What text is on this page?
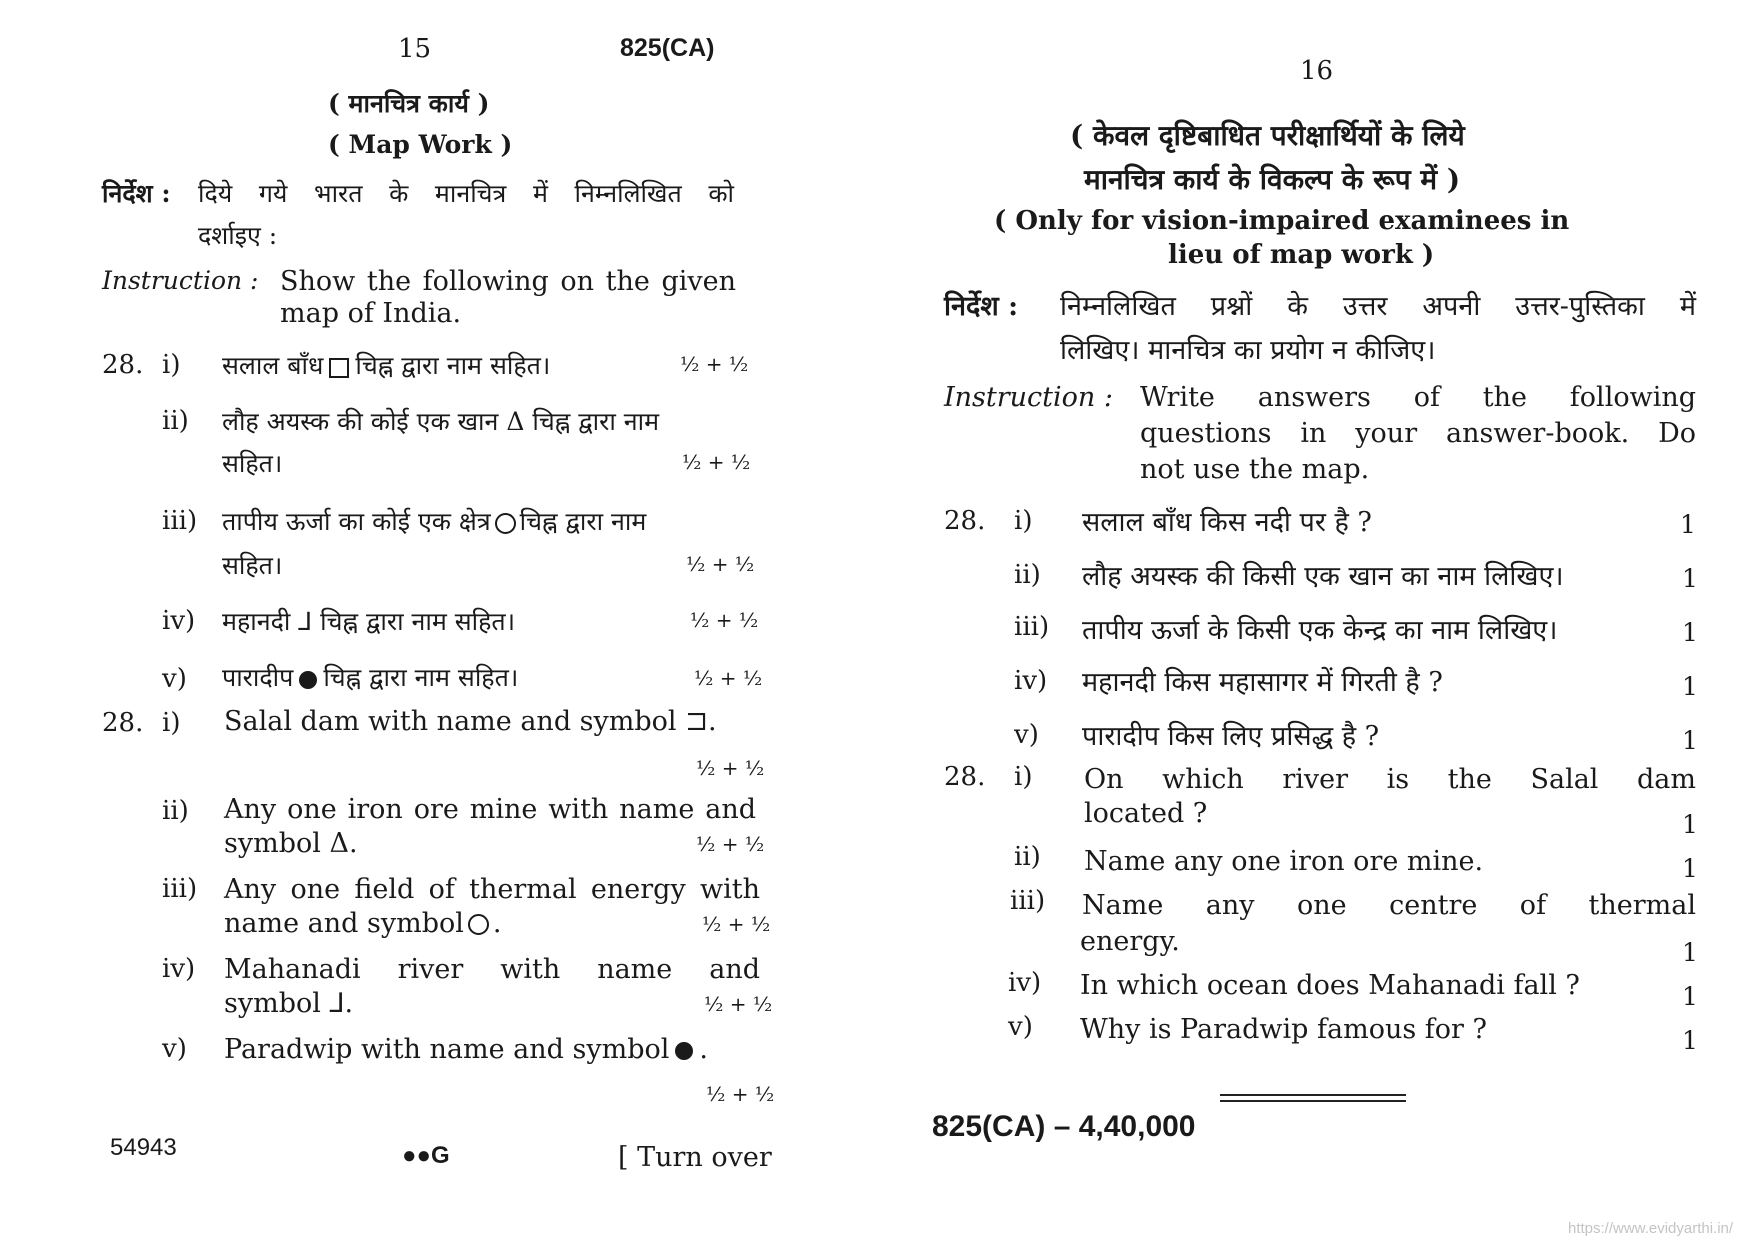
15	825(CA)
( मानचित्र कार्य )
( Map Work )
निर्देश : दिये गये भारत के मानचित्र में निम्नलिखित को
दर्शाइए :
Instruction : Show the following on the given
map of India.
28. i) सलाल बाँध चिह्न द्वारा नाम सहित।	½ + ½
ii) लौह अयस्क की कोई एक खान Δ चिह्न द्वारा नाम
सहित।	½ + ½
iii) तापीय ऊर्जा का कोई एक क्षेत्र चिह्न द्वारा नाम
सहित।	½ + ½
iv) महानदी ⅃ चिह्न द्वारा नाम सहित।	½ + ½
v) पारादीप चिह्न द्वारा नाम सहित।	½ + ½
28. i) Salal dam with name and symbol ⊐.
½ + ½
ii) Any one iron ore mine with name and
symbol Δ.	½ + ½
iii) Any one field of thermal energy with
name and symbol .	½ + ½
iv) Mahanadi river with name and
symbol ⅃.	½ + ½
v) Paradwip with name and symbol .
½ + ½
54943	●●G	[ Turn over
16
( केवल दृष्टिबाधित परीक्षार्थियों के लिये
मानचित्र कार्य के विकल्प के रूप में )
( Only for vision-impaired examinees in
lieu of map work )
निर्देश : निम्नलिखित प्रश्नों के उत्तर अपनी उत्तर-पुस्तिका में
लिखिए। मानचित्र का प्रयोग न कीजिए।
Instruction : Write answers of the following
questions in your answer-book. Do
not use the map.
28. i) सलाल बाँध किस नदी पर है ?	1
ii) लौह अयस्क की किसी एक खान का नाम लिखिए।	1
iii) तापीय ऊर्जा के किसी एक केन्द्र का नाम लिखिए।	1
iv) महानदी किस महासागर में गिरती है ?	1
v) पारादीप किस लिए प्रसिद्ध है ?	1
28. i) On which river is the Salal dam
located ?	1
ii) Name any one iron ore mine.	1
iii) Name any one centre of thermal
energy.	1
iv) In which ocean does Mahanadi fall ?	1
v) Why is Paradwip famous for ?	1
825(CA) – 4,40,000
https://www.evidyarthi.in/
